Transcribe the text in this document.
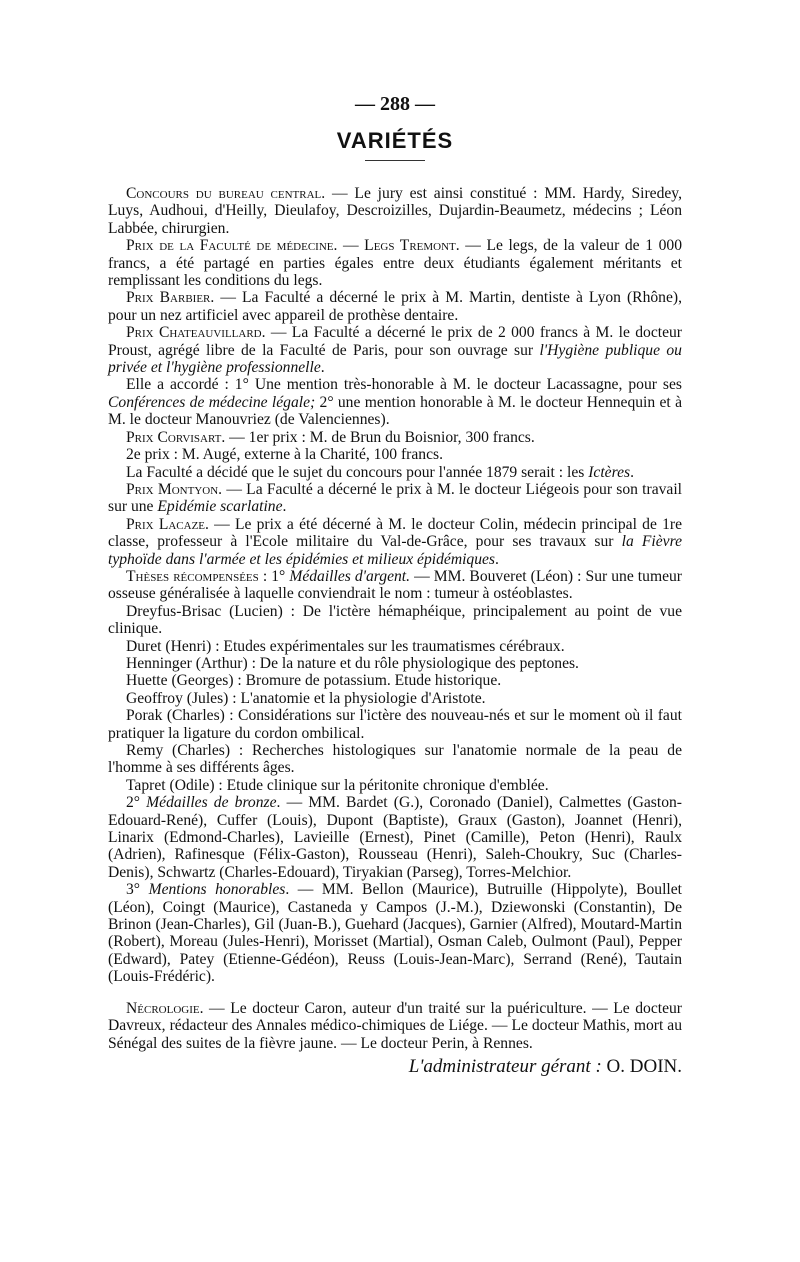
— 288 —
VARIÉTÉS

Concours du bureau central. — Le jury est ainsi constitué : MM. Hardy, Siredey, Luys, Audhoui, d'Heilly, Dieulafoy, Descroizilles, Dujardin-Beaumetz, médecins ; Léon Labbée, chirurgien.

Prix de la Faculté de médecine. — Legs Tremont. — Le legs, de la valeur de 1 000 francs, a été partagé en parties égales entre deux étudiants également méritants et remplissant les conditions du legs.

Prix Barbier. — La Faculté a décerné le prix à M. Martin, dentiste à Lyon (Rhône), pour un nez artificiel avec appareil de prothèse dentaire.

Prix Chateauvillard. — La Faculté a décerné le prix de 2 000 francs à M. le docteur Proust, agrégé libre de la Faculté de Paris, pour son ouvrage sur l'Hygiène publique ou privée et l'hygiène professionnelle.

Elle a accordé : 1° Une mention très-honorable à M. le docteur Lacassagne, pour ses Conférences de médecine légale; 2° une mention honorable à M. le docteur Hennequin et à M. le docteur Manouvriez (de Valenciennes).

Prix Corvisart. — 1er prix : M. de Brun du Boisnior, 300 francs.

2e prix : M. Augé, externe à la Charité, 100 francs.

La Faculté a décidé que le sujet du concours pour l'année 1879 serait : les Ictères.

Prix Montyon. — La Faculté a décerné le prix à M. le docteur Liégeois pour son travail sur une Epidémie scarlatine.

Prix Lacaze. — Le prix a été décerné à M. le docteur Colin, médecin principal de 1re classe, professeur à l'Ecole militaire du Val-de-Grâce, pour ses travaux sur la Fièvre typhoïde dans l'armée et les épidémies et milieux épidémiques.

Thèses récompensées : 1° Médailles d'argent. — MM. Bouveret (Léon) : Sur une tumeur osseuse généralisée à laquelle conviendrait le nom : tumeur à ostéoblastes.

Dreyfus-Brisac (Lucien) : De l'ictère hémaphéique, principalement au point de vue clinique.

Duret (Henri) : Etudes expérimentales sur les traumatismes cérébraux.

Henninger (Arthur) : De la nature et du rôle physiologique des peptones.

Huette (Georges) : Bromure de potassium. Etude historique.

Geoffroy (Jules) : L'anatomie et la physiologie d'Aristote.

Porak (Charles) : Considérations sur l'ictère des nouveau-nés et sur le moment où il faut pratiquer la ligature du cordon ombilical.

Remy (Charles) : Recherches histologiques sur l'anatomie normale de la peau de l'homme à ses différents âges.

Tapret (Odile) : Etude clinique sur la péritonite chronique d'emblée.

2° Médailles de bronze. — MM. Bardet (G.), Coronado (Daniel), Calmettes (Gaston-Edouard-René), Cuffer (Louis), Dupont (Baptiste), Graux (Gaston), Joannet (Henri), Linarix (Edmond-Charles), Lavieille (Ernest), Pinet (Camille), Peton (Henri), Raulx (Adrien), Rafinesque (Félix-Gaston), Rousseau (Henri), Saleh-Choukry, Suc (Charles-Denis), Schwartz (Charles-Edouard), Tiryakian (Parseg), Torres-Melchior.

3° Mentions honorables. — MM. Bellon (Maurice), Butruille (Hippolyte), Boullet (Léon), Coingt (Maurice), Castaneda y Campos (J.-M.), Dziewonski (Constantin), De Brinon (Jean-Charles), Gil (Juan-B.), Guehard (Jacques), Garnier (Alfred), Moutard-Martin (Robert), Moreau (Jules-Henri), Morisset (Martial), Osman Caleb, Oulmont (Paul), Pepper (Edward), Patey (Etienne-Gédéon), Reuss (Louis-Jean-Marc), Serrand (René), Tautain (Louis-Frédéric).

Nécrologie. — Le docteur Caron, auteur d'un traité sur la puériculture. — Le docteur Davreux, rédacteur des Annales médico-chimiques de Liége. — Le docteur Mathis, mort au Sénégal des suites de la fièvre jaune. — Le docteur Perin, à Rennes.

L'administrateur gérant : O. DOIN.
